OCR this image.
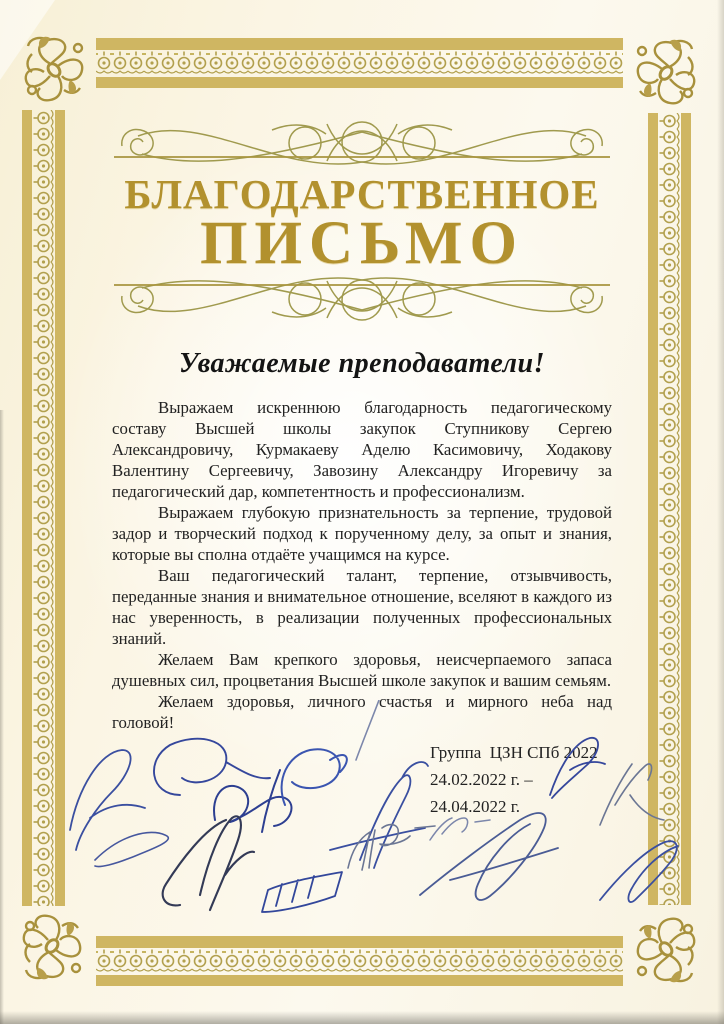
БЛАГОДАРСТВЕННОЕ
ПИСЬМО
Уважаемые преподаватели!

Выражаем искреннюю благодарность педагогическому составу Высшей школы закупок Ступникову Сергею Александровичу, Курмакаеву Аделю Касимовичу, Ходакову Валентину Сергеевичу, Завозину Александру Игоревичу за педагогический дар, компетентность и профессионализм.

Выражаем глубокую признательность за терпение, трудовой задор и творческий подход к порученному делу, за опыт и знания, которые вы сполна отдаёте учащимся на курсе.

Ваш педагогический талант, терпение, отзывчивость, переданные знания и внимательное отношение, вселяют в каждого из нас уверенность, в реализации полученных профессиональных знаний.

Желаем Вам крепкого здоровья, неисчерпаемого запаса душевных сил, процветания Высшей школе закупок и вашим семьям.

Желаем здоровья, личного счастья и мирного неба над головой!

Группа  ЦЗН СПб 2022
24.02.2022 г. –
24.04.2022 г.
